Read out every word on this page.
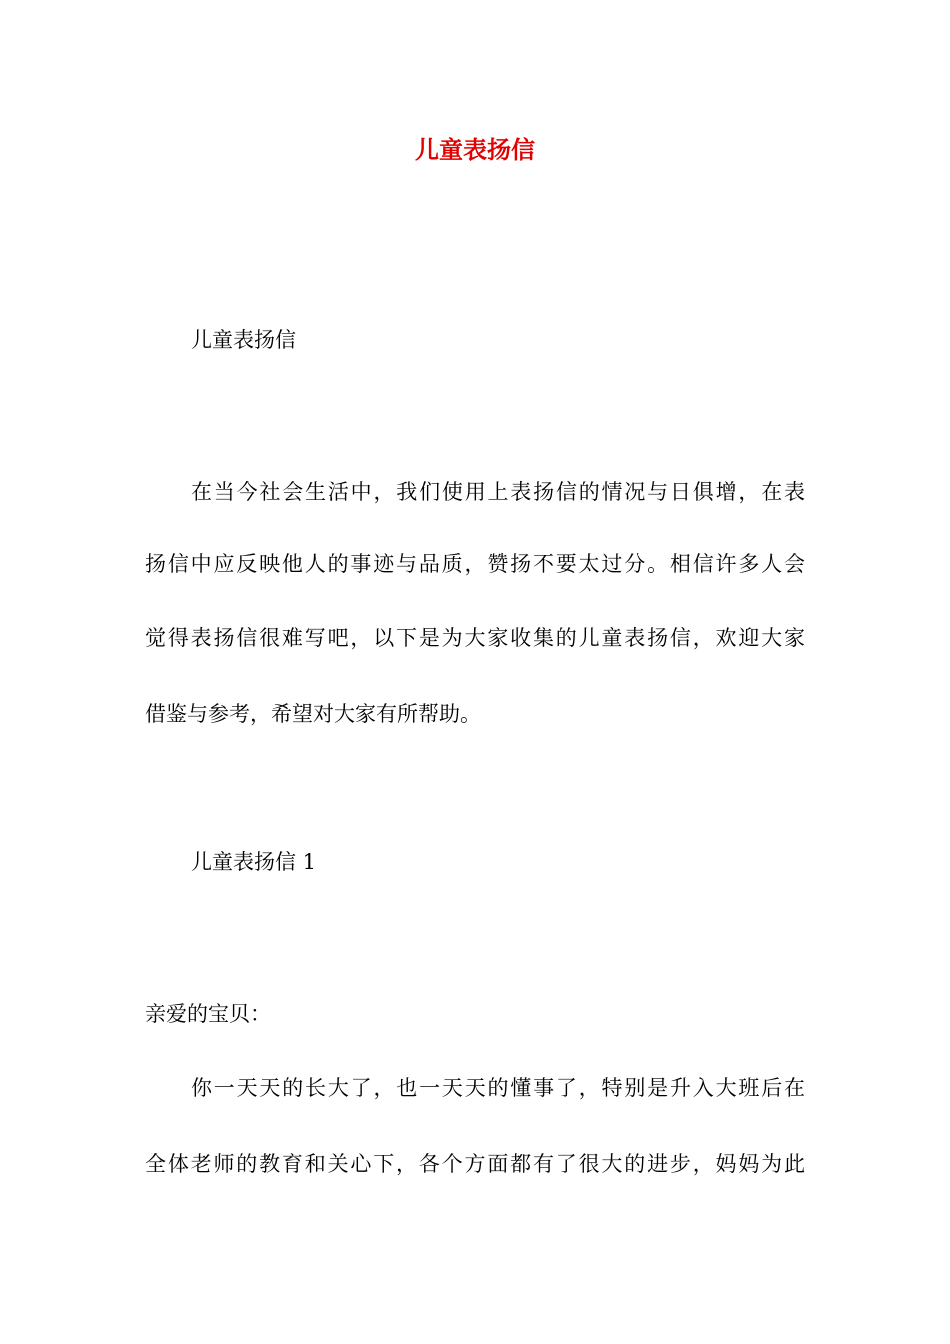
儿童表扬信

儿童表扬信

在当今社会生活中，我们使用上表扬信的情况与日俱增，在表

扬信中应反映他人的事迹与品质，赞扬不要太过分。相信许多人会

觉得表扬信很难写吧，以下是为大家收集的儿童表扬信，欢迎大家

借鉴与参考，希望对大家有所帮助。

儿童表扬信 1

亲爱的宝贝：

你一天天的长大了，也一天天的懂事了，特别是升入大班后在

全体老师的教育和关心下，各个方面都有了很大的进步，妈妈为此
